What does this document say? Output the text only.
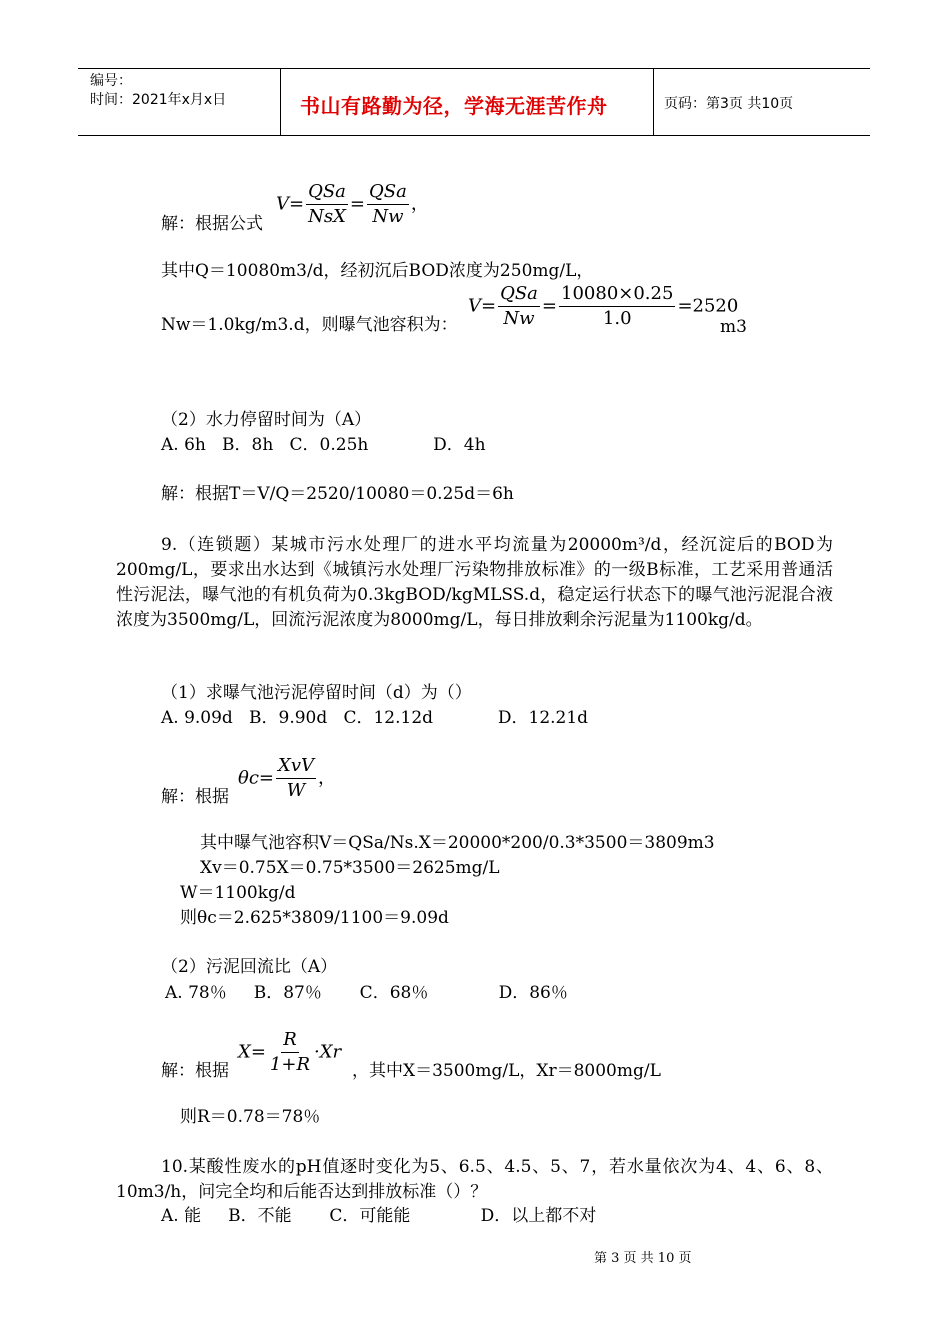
编号：
时间：2021年x月x日	书山有路勤为径，学海无涯苦作舟	页码：第3页 共10页
解：根据公式
$V= \frac{\text{QSa}}{\text{NsX}} = \frac{\text{QSa}}{Nw}$ ，
其中Q＝10080m3/d，经初沉后BOD浓度为250mg/L，
Nw＝1.0kg/m3.d，则曝气池容积为：
$V= \frac{\text{QSa}}{Nw} = \frac{10080\times 0.25}{1.0} =2520$
m3
（2）水力停留时间为（A）
A. 6h   B．8h   C．0.25h            D．4h
解：根据T＝V/Q＝2520/10080＝0.25d＝6h
9.（连锁题）某城市污水处理厂的进水平均流量为20000m³/d，经沉淀后的BOD为200mg/L，要求出水达到《城镇污水处理厂污染物排放标准》的一级B标准，工艺采用普通活性污泥法，曝气池的有机负荷为0.3kgBOD/kgMLSS.d，稳定运行状态下的曝气池污泥混合液浓度为3500mg/L，回流污泥浓度为8000mg/L，每日排放剩余污泥量为1100kg/d。
（1）求曝气池污泥停留时间（d）为（）
A. 9.09d   B．9.90d   C．12.12d            D．12.21d
解：根据
$\theta c= \frac{\text{XvV}}{W}$ ，
其中曝气池容积V＝QSa/Ns.X＝20000*200/0.3*3500＝3809m3
Xv＝0.75X＝0.75*3500＝2625mg/L
W＝1100kg/d
则θc＝2.625*3809/1100＝9.09d
（2）污泥回流比（A）
A. 78％     B．87％       C．68％             D．86％
解：根据
$X= \frac{R}{1+R} \cdot Xr$
，其中X＝3500mg/L，Xr＝8000mg/L
则R＝0.78＝78％
10.某酸性废水的pH值逐时变化为5、6.5、4.5、5、7，若水量依次为4、4、6、8、10m3/h，问完全均和后能否达到排放标准（）？
A. 能     B．不能       C．可能能             D．以上都不对
第 3 页 共 10 页
